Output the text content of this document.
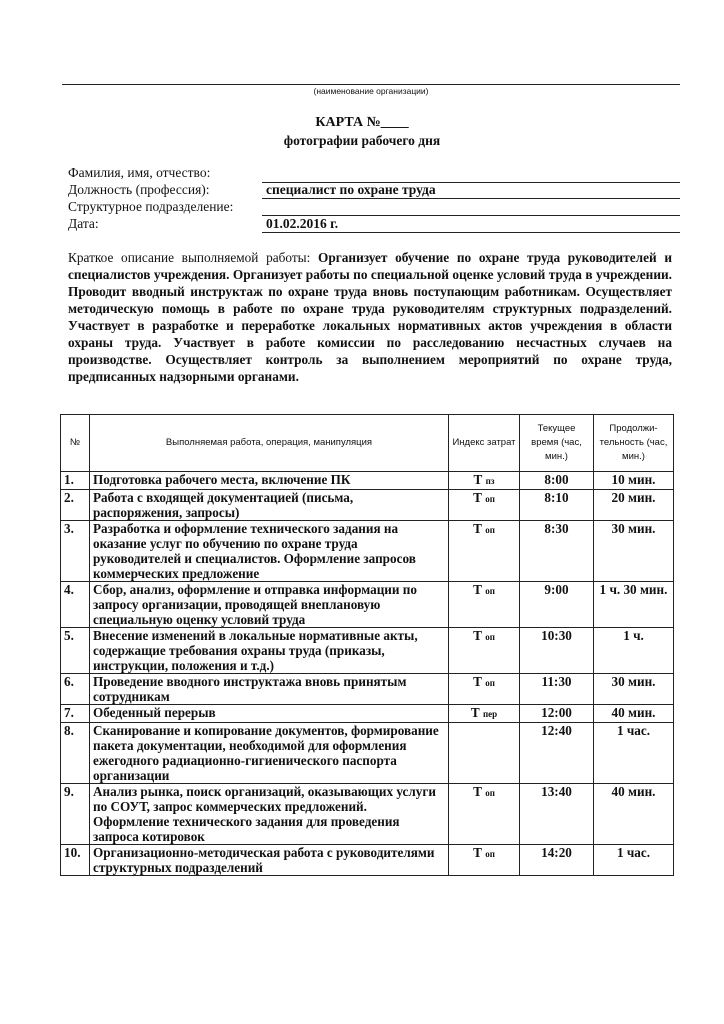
(наименование организации)
КАРТА №____
фотографии рабочего дня
Фамилия, имя, отчество:
Должность (профессия):	специалист по охране труда
Структурное подразделение:
Дата:	01.02.2016 г.
Краткое описание выполняемой работы: Организует обучение по охране труда руководителей и специалистов учреждения. Организует работы по специальной оценке условий труда в учреждении. Проводит вводный инструктаж по охране труда вновь поступающим работникам. Осуществляет методическую помощь в работе по охране труда руководителям структурных подразделений. Участвует в разработке и переработке локальных нормативных актов учреждения в области охраны труда. Участвует в работе комиссии по расследованию несчастных случаев на производстве. Осуществляет контроль за выполнением мероприятий по охране труда, предписанных надзорными органами.
№	Выполняемая работа, операция, манипуляция	Индекс затрат	Текущее время (час, мин.)	Продолжи-тельность (час, мин.)
1.	Подготовка рабочего места, включение ПК	Т пз	8:00	10 мин.
2.	Работа с входящей документацией (письма, распоряжения, запросы)	Т оп	8:10	20 мин.
3.	Разработка и оформление технического задания на оказание услуг по обучению по охране труда руководителей и специалистов. Оформление запросов коммерческих предложение	Т оп	8:30	30 мин.
4.	Сбор, анализ, оформление и отправка информации по запросу организации, проводящей внеплановую специальную оценку условий труда	Т оп	9:00	1 ч. 30 мин.
5.	Внесение изменений в локальные нормативные акты, содержащие требования охраны труда (приказы, инструкции, положения и т.д.)	Т оп	10:30	1 ч.
6.	Проведение вводного инструктажа вновь принятым сотрудникам	Т оп	11:30	30 мин.
7.	Обеденный перерыв	Т пер	12:00	40 мин.
8.	Сканирование и копирование документов, формирование пакета документации, необходимой для оформления ежегодного радиационно-гигиенического паспорта организации		12:40	1 час.
9.	Анализ рынка, поиск организаций, оказывающих услуги по СОУТ, запрос коммерческих предложений. Оформление технического задания для проведения запроса котировок	Т оп	13:40	40 мин.
10.	Организационно-методическая работа с руководителями структурных подразделений	Т оп	14:20	1 час.
